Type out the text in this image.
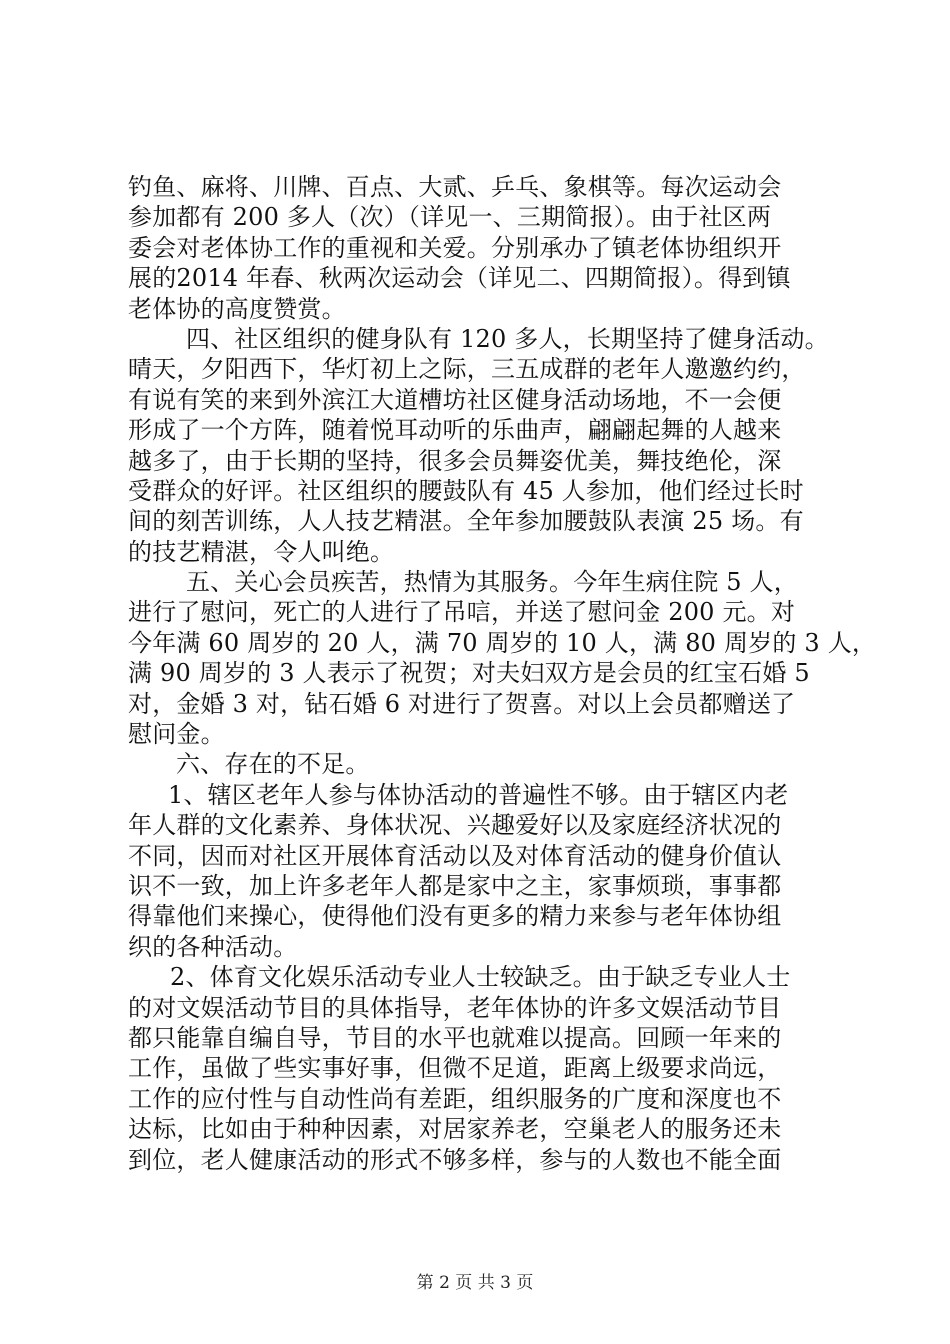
钓鱼、麻将、川牌、百点、大贰、乒乓、象棋等。每次运动会
参加都有 200 多人（次）（详见一、三期简报）。由于社区两
委会对老体协工作的重视和关爱。分别承办了镇老体协组织开
展的2014 年春、秋两次运动会（详见二、四期简报）。得到镇
老体协的高度赞赏。
四、社区组织的健身队有 120 多人，长期坚持了健身活动。
晴天，夕阳西下，华灯初上之际，三五成群的老年人邀邀约约，
有说有笑的来到外滨江大道槽坊社区健身活动场地，不一会便
形成了一个方阵，随着悦耳动听的乐曲声，翩翩起舞的人越来
越多了，由于长期的坚持，很多会员舞姿优美，舞技绝伦，深
受群众的好评。社区组织的腰鼓队有 45 人参加，他们经过长时
间的刻苦训练，人人技艺精湛。全年参加腰鼓队表演 25 场。有
的技艺精湛，令人叫绝。
五、关心会员疾苦，热情为其服务。今年生病住院 5 人，
进行了慰问，死亡的人进行了吊唁，并送了慰问金 200 元。对
今年满 60 周岁的 20 人，满 70 周岁的 10 人，满 80 周岁的 3 人，
满 90 周岁的 3 人表示了祝贺；对夫妇双方是会员的红宝石婚 5
对，金婚 3 对，钻石婚 6 对进行了贺喜。对以上会员都赠送了
慰问金。
六、存在的不足。
1、辖区老年人参与体协活动的普遍性不够。由于辖区内老
年人群的文化素养、身体状况、兴趣爱好以及家庭经济状况的
不同，因而对社区开展体育活动以及对体育活动的健身价值认
识不一致，加上许多老年人都是家中之主，家事烦琐，事事都
得靠他们来操心，使得他们没有更多的精力来参与老年体协组
织的各种活动。
2、体育文化娱乐活动专业人士较缺乏。由于缺乏专业人士
的对文娱活动节目的具体指导，老年体协的许多文娱活动节目
都只能靠自编自导，节目的水平也就难以提高。回顾一年来的
工作，虽做了些实事好事，但微不足道，距离上级要求尚远，
工作的应付性与自动性尚有差距，组织服务的广度和深度也不
达标，比如由于种种因素，对居家养老，空巢老人的服务还未
到位，老人健康活动的形式不够多样，参与的人数也不能全面
第 2 页 共 3 页
